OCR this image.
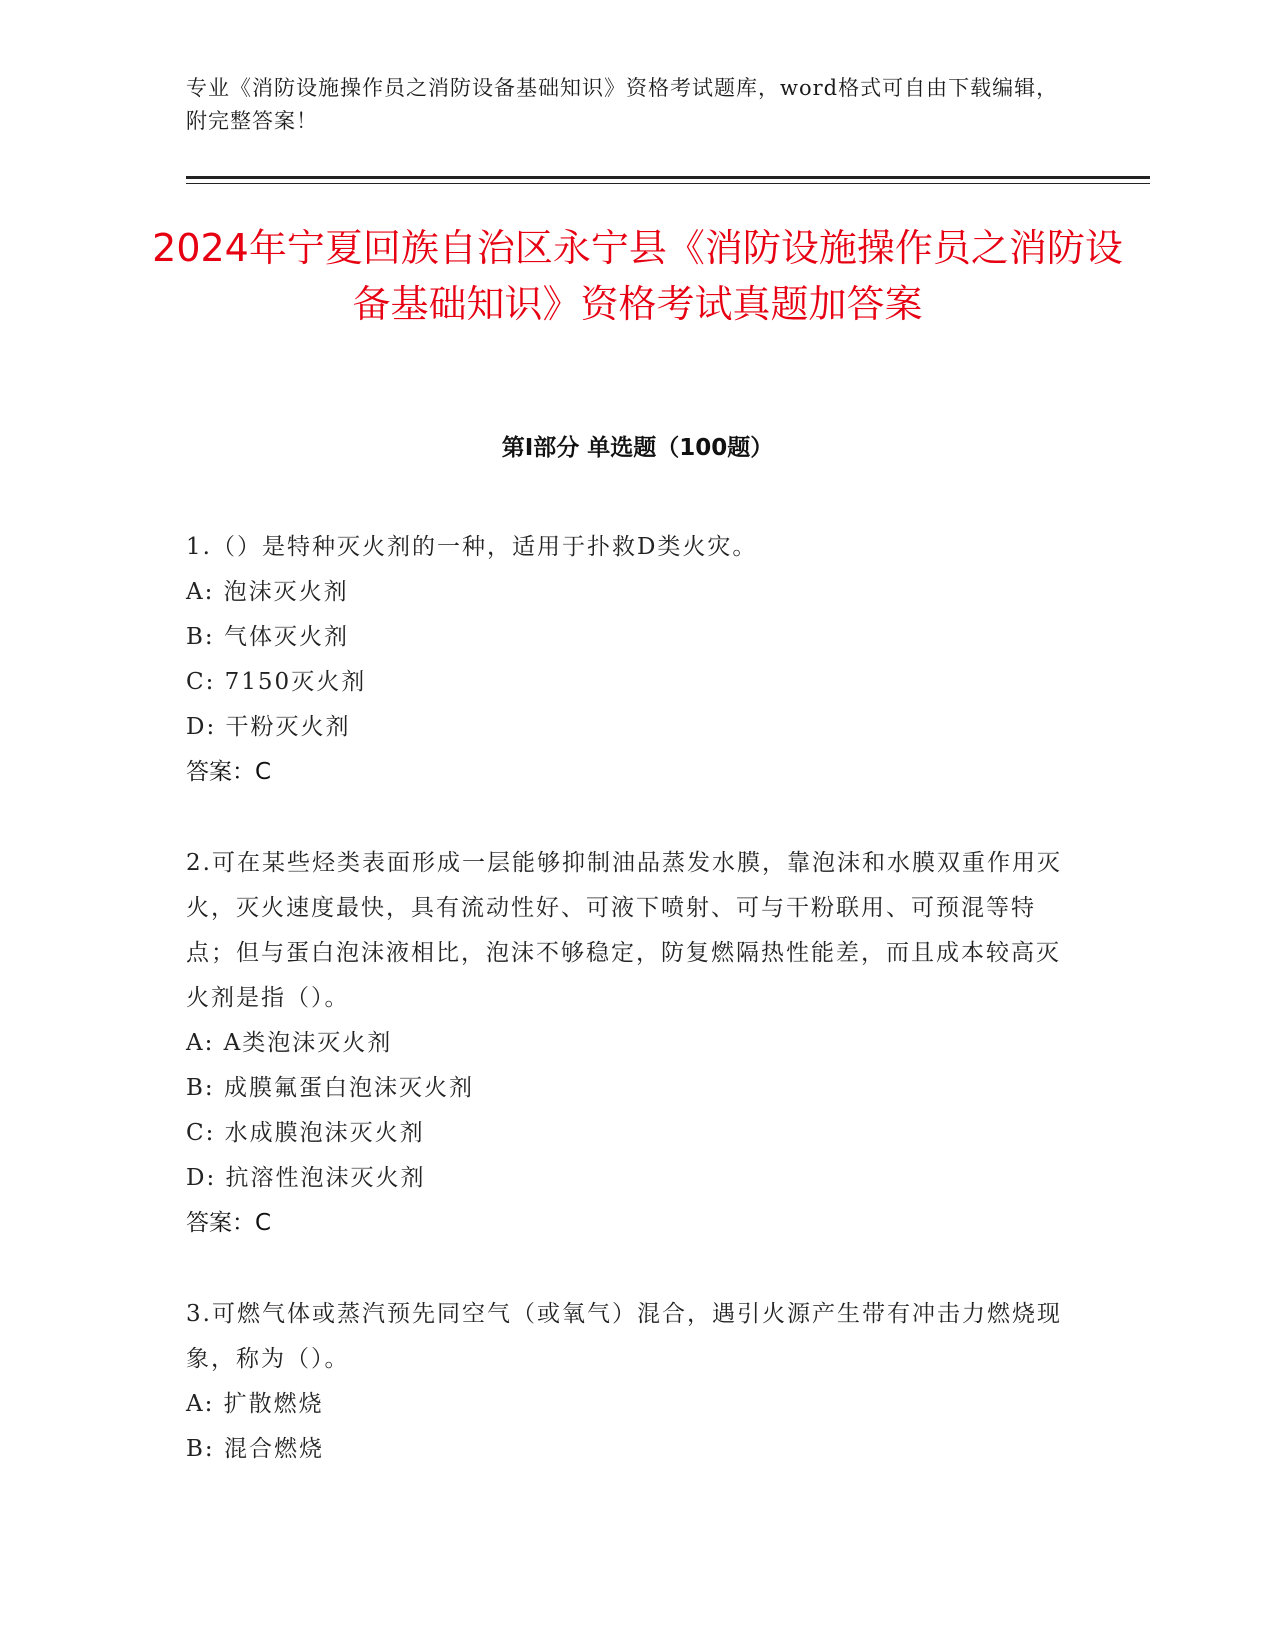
专业《消防设施操作员之消防设备基础知识》资格考试题库，word格式可自由下载编辑，附完整答案！
2024年宁夏回族自治区永宁县《消防设施操作员之消防设备基础知识》资格考试真题加答案
第Ⅰ部分 单选题（100题）
1.（）是特种灭火剂的一种，适用于扑救D类火灾。
A: 泡沫灭火剂
B: 气体灭火剂
C: 7150灭火剂
D: 干粉灭火剂
答案：C
2.可在某些烃类表面形成一层能够抑制油品蒸发水膜，靠泡沫和水膜双重作用灭火，灭火速度最快，具有流动性好、可液下喷射、可与干粉联用、可预混等特点；但与蛋白泡沫液相比，泡沫不够稳定，防复燃隔热性能差，而且成本较高灭火剂是指（）。
A: A类泡沫灭火剂
B: 成膜氟蛋白泡沫灭火剂
C: 水成膜泡沫灭火剂
D: 抗溶性泡沫灭火剂
答案：C
3.可燃气体或蒸汽预先同空气（或氧气）混合，遇引火源产生带有冲击力燃烧现象，称为（）。
A: 扩散燃烧
B: 混合燃烧
